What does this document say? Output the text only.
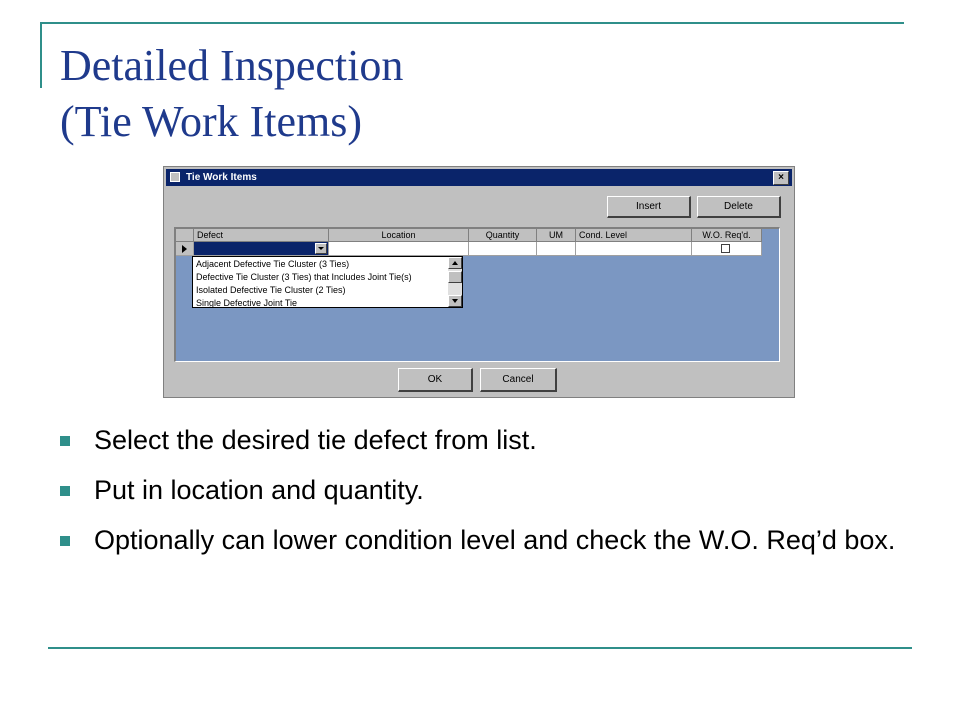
Detailed Inspection
(Tie Work Items)
Tie Work Items	×
Insert	Delete
Defect	Location	Quantity	UM	Cond. Level	W.O. Req'd.
Adjacent Defective Tie Cluster (3 Ties)
Defective Tie Cluster (3 Ties) that Includes Joint Tie(s)
Isolated Defective Tie Cluster (2 Ties)
Single Defective Joint Tie
OK	Cancel
Select the desired tie defect from list.
Put in location and quantity.
Optionally can lower condition level and check the W.O. Req’d box.
